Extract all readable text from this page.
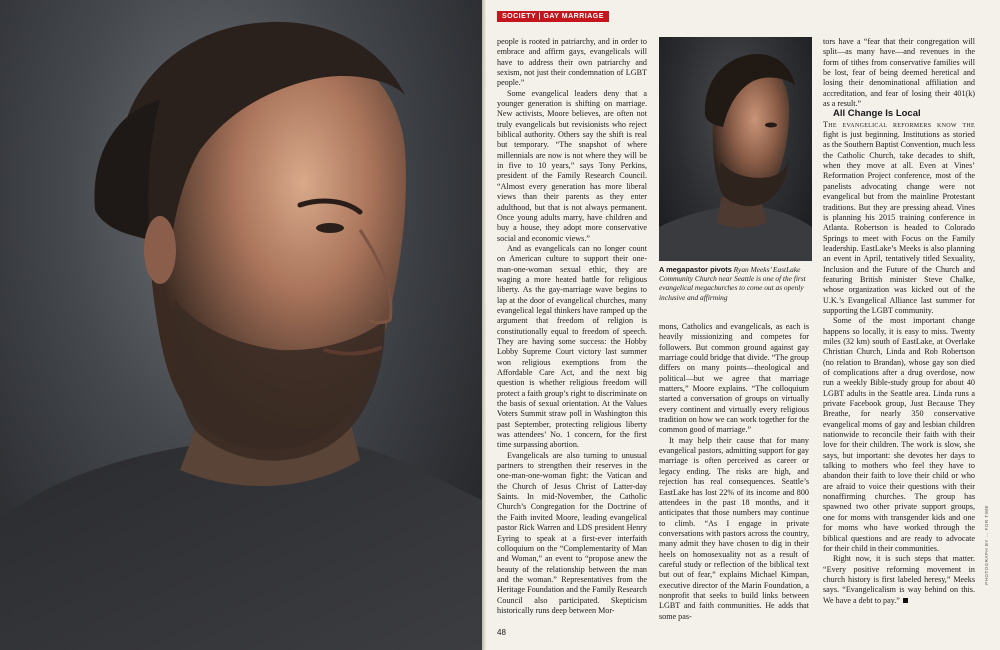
SOCIETY | GAY MARRIAGE

people is rooted in patriarchy, and in order to embrace and affirm gays, evangelicals will have to address their own patriarchy and sexism, not just their condemnation of LGBT people.”

Some evangelical leaders deny that a younger generation is shifting on marriage. New activists, Moore believes, are often not truly evangelicals but revisionists who reject biblical authority. Others say the shift is real but temporary. “The snapshot of where millennials are now is not where they will be in five to 10 years,” says Tony Perkins, president of the Family Research Council. “Almost every generation has more liberal views than their parents as they enter adulthood, but that is not always permanent. Once young adults marry, have children and buy a house, they adopt more conservative social and economic views.”

And as evangelicals can no longer count on American culture to support their one-man-one-woman sexual ethic, they are waging a more heated battle for religious liberty. As the gay-marriage wave begins to lap at the door of evangelical churches, many evangelical legal thinkers have ramped up the argument that freedom of religion is constitutionally equal to freedom of speech. They are having some success: the Hobby Lobby Supreme Court victory last summer won religious exemptions from the Affordable Care Act, and the next big question is whether religious freedom will protect a faith group’s right to discriminate on the basis of sexual orientation. At the Values Voters Summit straw poll in Washington this past September, protecting religious liberty was attendees’ No. 1 concern, for the first time surpassing abortion.

Evangelicals are also turning to unusual partners to strengthen their reserves in the one-man-one-woman fight: the Vatican and the Church of Jesus Christ of Latter-day Saints. In mid-November, the Catholic Church’s Congregation for the Doctrine of the Faith invited Moore, leading evangelical pastor Rick Warren and LDS president Henry Eyring to speak at a first-ever interfaith colloquium on the “Complementarity of Man and Woman,” an event to “propose anew the beauty of the relationship between the man and the woman.” Representatives from the Heritage Foundation and the Family Research Council also participated. Skepticism historically runs deep between Mor-

A megapastor pivots Ryan Meeks’ EastLake Community Church near Seattle is one of the first evangelical megachurches to come out as openly inclusive and affirming

mons, Catholics and evangelicals, as each is heavily missionizing and competes for followers. But common ground against gay marriage could bridge that divide. “The group differs on many points—theological and political—but we agree that marriage matters,” Moore explains. “The colloquium started a conversation of groups on virtually every continent and virtually every religious tradition on how we can work together for the common good of marriage.”

It may help their cause that for many evangelical pastors, admitting support for gay marriage is often perceived as career or legacy ending. The risks are high, and rejection has real consequences. Seattle’s EastLake has lost 22% of its income and 800 attendees in the past 18 months, and it anticipates that those numbers may continue to climb. “As I engage in private conversations with pastors across the country, many admit they have chosen to dig in their heels on homosexuality not as a result of careful study or reflection of the biblical text but out of fear,” explains Michael Kimpan, executive director of the Marin Foundation, a nonprofit that seeks to build links between LGBT and faith communities. He adds that some pas-

tors have a “fear that their congregation will split—as many have—and revenues in the form of tithes from conservative families will be lost, fear of being deemed heretical and losing their denominational affiliation and accreditation, and fear of losing their 401(k) as a result.”

All Change Is Local

The evangelical reformers know the fight is just beginning. Institutions as storied as the Southern Baptist Convention, much less the Catholic Church, take decades to shift, when they move at all. Even at Vines’ Reformation Project conference, most of the panelists advocating change were not evangelical but from the mainline Protestant traditions. But they are pressing ahead. Vines is planning his 2015 training conference in Atlanta. Robertson is headed to Colorado Springs to meet with Focus on the Family leadership. EastLake’s Meeks is also planning an event in April, tentatively titled Sexuality, Inclusion and the Future of the Church and featuring British minister Steve Chalke, whose organization was kicked out of the U.K.’s Evangelical Alliance last summer for supporting the LGBT community.

Some of the most important change happens so locally, it is easy to miss. Twenty miles (32 km) south of EastLake, at Overlake Christian Church, Linda and Rob Robertson (no relation to Brandan), whose gay son died of complications after a drug overdose, now run a weekly Bible-study group for about 40 LGBT adults in the Seattle area. Linda runs a private Facebook group, Just Because They Breathe, for nearly 350 conservative evangelical moms of gay and lesbian children nationwide to reconcile their faith with their love for their children. The work is slow, she says, but important: she devotes her days to talking to mothers who feel they have to abandon their faith to love their child or who are afraid to voice their questions with their nonaffirming churches. The group has spawned two other private support groups, one for moms with transgender kids and one for moms who have worked through the biblical questions and are ready to advocate for their child in their communities.

Right now, it is such steps that matter. “Every positive reforming movement in church history is first labeled heresy,” Meeks says. “Evangelicalism is way behind on this. We have a debt to pay.”

PHOTOGRAPH BY ... FOR TIME
48
